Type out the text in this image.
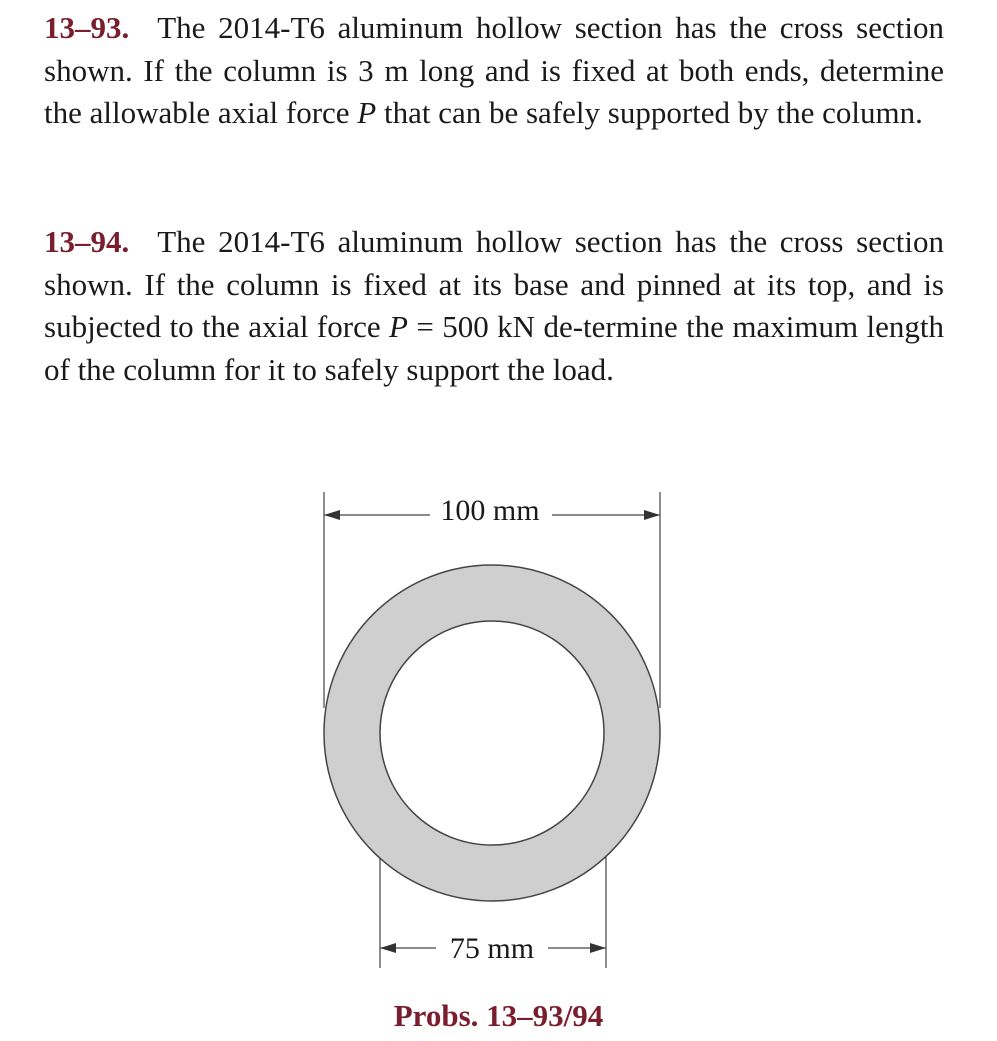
13–93. The 2014-T6 aluminum hollow section has the cross section shown. If the column is 3 m long and is fixed at both ends, determine the allowable axial force P that can be safely supported by the column.
13–94. The 2014-T6 aluminum hollow section has the cross section shown. If the column is fixed at its base and pinned at its top, and is subjected to the axial force P = 500 kN de-termine the maximum length of the column for it to safely support the load.
100 mm
75 mm
Probs. 13–93/94
